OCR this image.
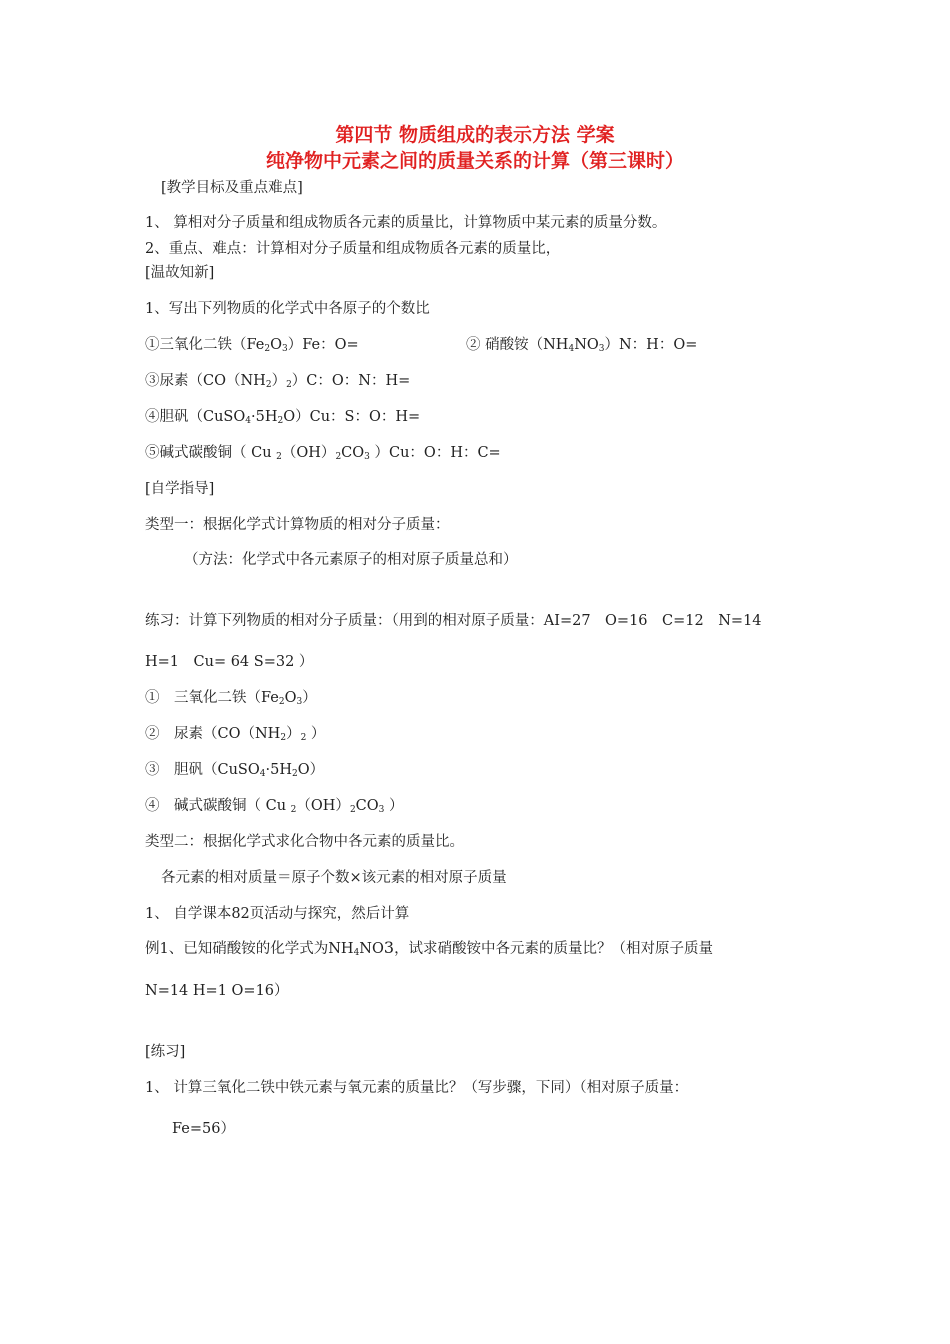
第四节 物质组成的表示方法 学案
纯净物中元素之间的质量关系的计算（第三课时）
[教学目标及重点难点]
1、 算相对分子质量和组成物质各元素的质量比，计算物质中某元素的质量分数。
2、重点、难点：计算相对分子质量和组成物质各元素的质量比，
[温故知新]
1、写出下列物质的化学式中各原子的个数比
①三氧化二铁$(Fe_2O_3)Fe$：O=	② 硝酸铵$(NH_4NO_3)N$：H：O=
③尿素$(CO(NH_2)_2)C$：O：N：H=
④胆矾$(CuSO_4\cdot 5H_2O)Cu$：S：O：H=
⑤碱式碳酸铜（ Cu $_2(OH)_2CO_3$ ）Cu：O：H：C=
[自学指导]
类型一：根据化学式计算物质的相对分子质量：
（方法：化学式中各元素原子的相对原子质量总和）
练习：计算下列物质的相对分子质量：（用到的相对原子质量：AI=27　O=16　C=12　N=14
H=1　Cu= 64 S=32 ）
①　三氧化二铁$(Fe_2O_3)$
②　尿素（$CO(NH_2)_2$ ）
③　胆矾$(CuSO_4\cdot 5H_2O)$
④　碱式碳酸铜（ Cu $_2(OH)_2CO_3$ ）
类型二：根据化学式求化合物中各元素的质量比。
各元素的相对质量＝原子个数×该元素的相对原子质量
1、 自学课本82页活动与探究，然后计算
例1、已知硝酸铵的化学式为$NH_4NO3$，试求硝酸铵中各元素的质量比？（相对原子质量
N=14 H=1 O=16）
[练习]
1、 计算三氧化二铁中铁元素与氧元素的质量比？（写步骤，下同）（相对原子质量：
Fe=56）
